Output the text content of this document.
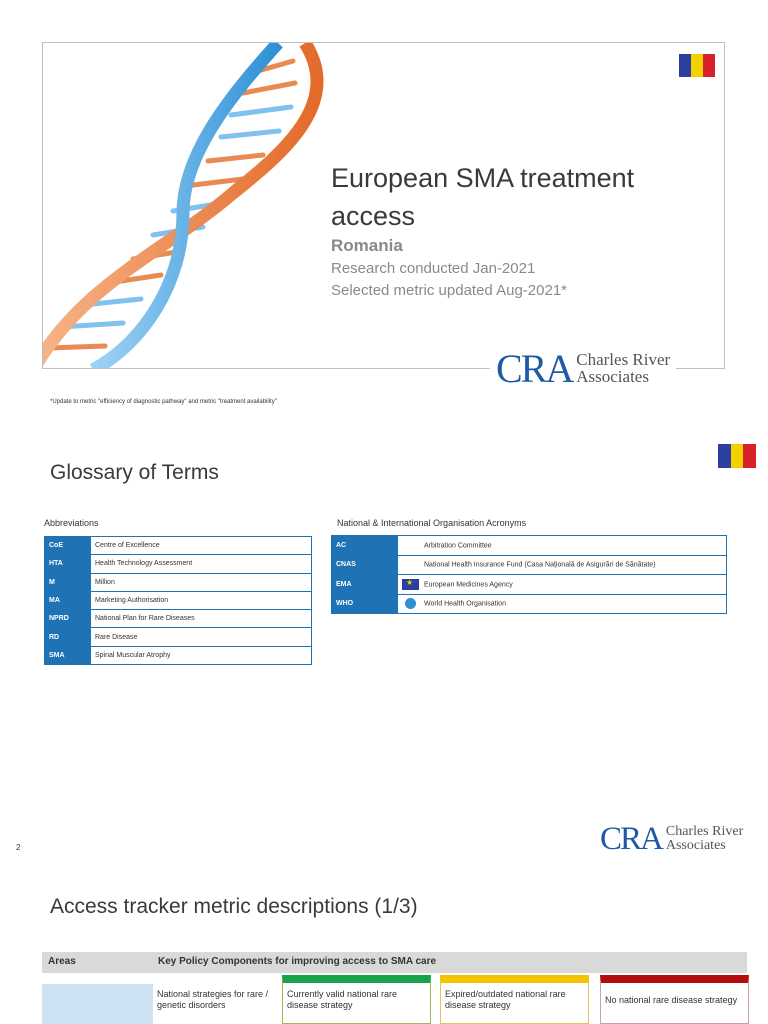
European SMA treatment access
Romania
Research conducted Jan-2021
Selected metric updated Aug-2021*
CRA Charles River
Associates
*Update to metric "efficiency of diagnostic pathway" and metric "treatment availability"
Glossary of Terms
Abbreviations	National & International Organisation Acronyms
CoE	Centre of Excellence
HTA	Health Technology Assessment
M	Million
MA	Marketing Authorisation
NPRD	National Plan for Rare Diseases
RD	Rare Disease
SMA	Spinal Muscular Atrophy
AC	Arbitration Committee
CNAS	National Health Insurance Fund (Casa Națională de Asigurări de Sănătate)
EMA	★European Medicines Agency
WHO	World Health Organisation
2	CRA Charles River
Associates
Access tracker metric descriptions (1/3)
Areas	Key Policy Components for improving access to SMA care
National strategies for rare / genetic disorders
Currently valid national rare disease strategy
Expired/outdated national rare disease strategy	No national rare disease strategy
